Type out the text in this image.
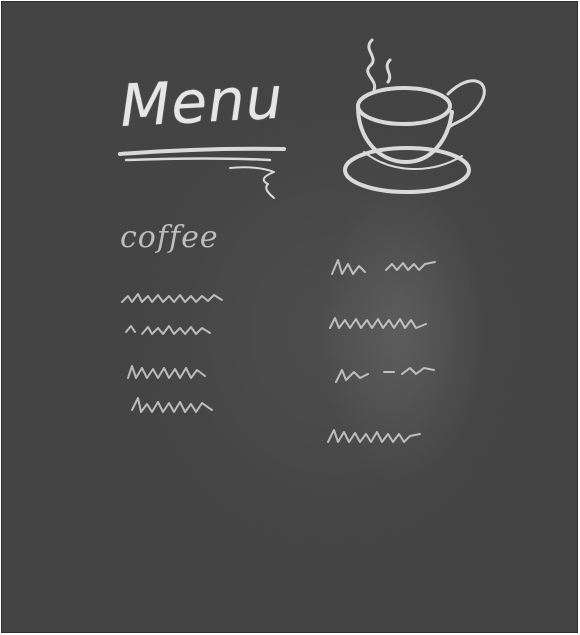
Menu
coffee
